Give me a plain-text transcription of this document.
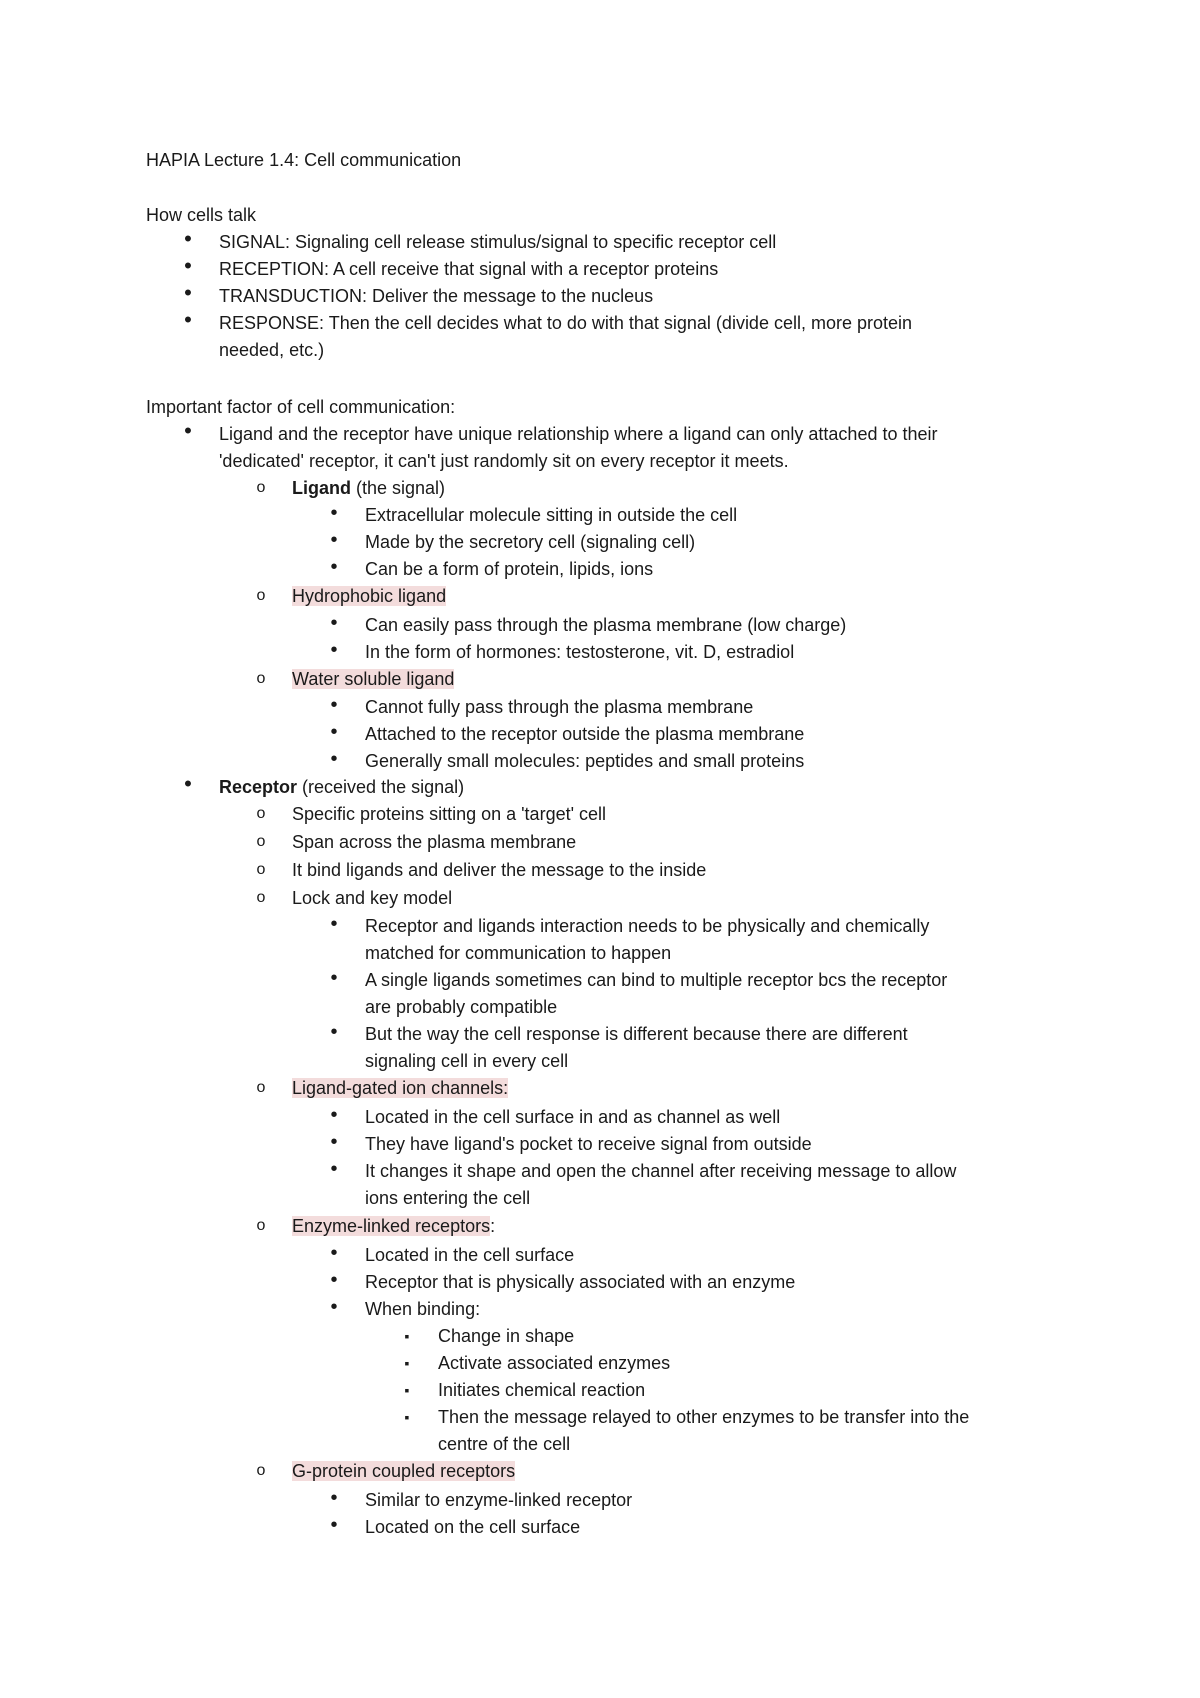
HAPIA Lecture 1.4: Cell communication
How cells talk
•	SIGNAL: Signaling cell release stimulus/signal to specific receptor cell
•	RECEPTION: A cell receive that signal with a receptor proteins
•	TRANSDUCTION: Deliver the message to the nucleus
•	RESPONSE: Then the cell decides what to do with that signal (divide cell, more protein
needed, etc.)
Important factor of cell communication:
•	Ligand and the receptor have unique relationship where a ligand can only attached to their
'dedicated' receptor, it can't just randomly sit on every receptor it meets.
o	Ligand (the signal)
•	Extracellular molecule sitting in outside the cell
•	Made by the secretory cell (signaling cell)
•	Can be a form of protein, lipids, ions
o	Hydrophobic ligand
•	Can easily pass through the plasma membrane (low charge)
•	In the form of hormones: testosterone, vit. D, estradiol
o	Water soluble ligand
•	Cannot fully pass through the plasma membrane
•	Attached to the receptor outside the plasma membrane
•	Generally small molecules: peptides and small proteins
•	Receptor (received the signal)
o	Specific proteins sitting on a 'target' cell
o	Span across the plasma membrane
o	It bind ligands and deliver the message to the inside
o	Lock and key model
•	Receptor and ligands interaction needs to be physically and chemically
matched for communication to happen
•	A single ligands sometimes can bind to multiple receptor bcs the receptor
are probably compatible
•	But the way the cell response is different because there are different
signaling cell in every cell
o	Ligand-gated ion channels:
•	Located in the cell surface in and as channel as well
•	They have ligand's pocket to receive signal from outside
•	It changes it shape and open the channel after receiving message to allow
ions entering the cell
o	Enzyme-linked receptors:
•	Located in the cell surface
•	Receptor that is physically associated with an enzyme
•	When binding:
▪	Change in shape
▪	Activate associated enzymes
▪	Initiates chemical reaction
▪	Then the message relayed to other enzymes to be transfer into the
centre of the cell
o	G-protein coupled receptors
•	Similar to enzyme-linked receptor
•	Located on the cell surface
